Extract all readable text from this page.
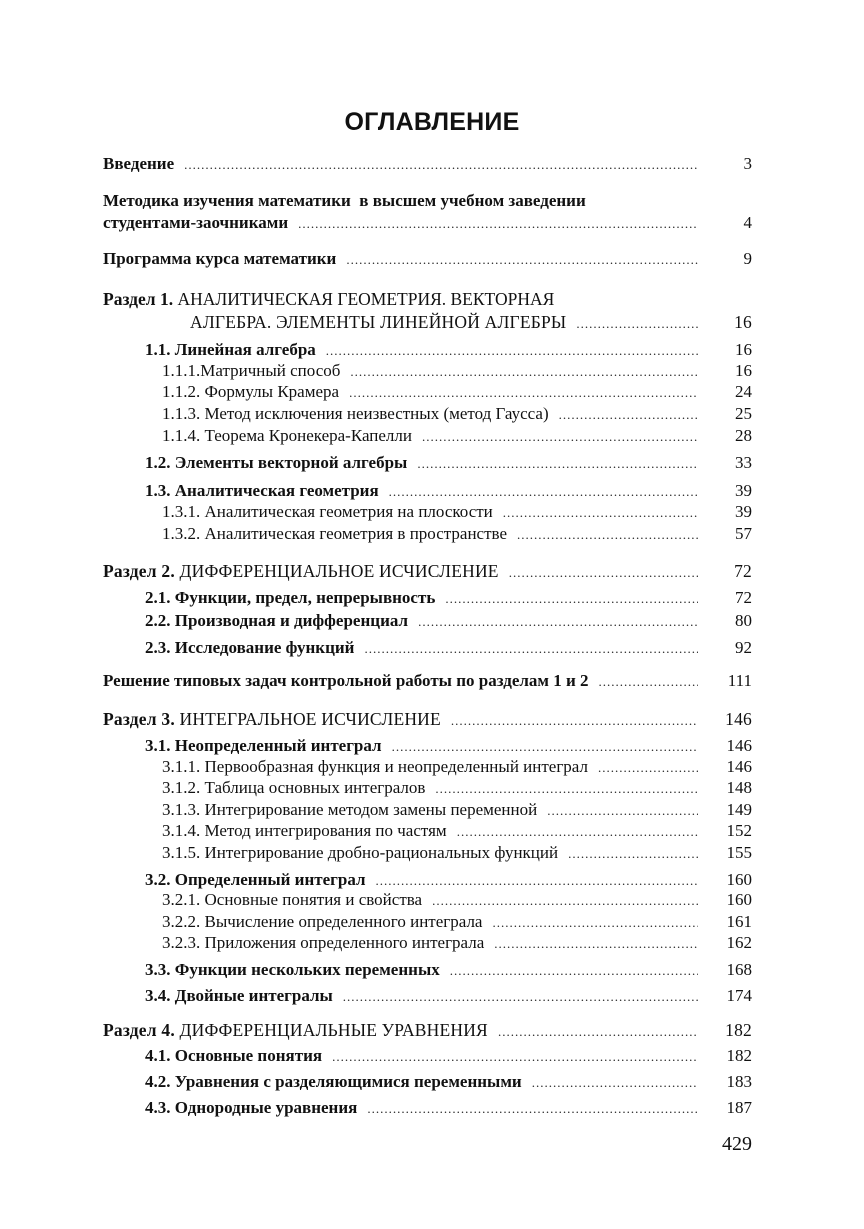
ОГЛАВЛЕНИЕ
Введение .....	3
Методика изучения математики  в высшем учебном заведении
студентами-заочниками .....	4
Программа курса математики .....	9
Раздел 1. АНАЛИТИЧЕСКАЯ ГЕОМЕТРИЯ. ВЕКТОРНАЯ
АЛГЕБРА. ЭЛЕМЕНТЫ ЛИНЕЙНОЙ АЛГЕБРЫ .....	16
1.1. Линейная алгебра .....	16
1.1.1.Матричный способ .....	16
1.1.2. Формулы Крамера .....	24
1.1.3. Метод исключения неизвестных (метод Гаусса) .....	25
1.1.4. Теорема Кронекера-Капелли .....	28
1.2. Элементы векторной алгебры .....	33
1.3. Аналитическая геометрия .....	39
1.3.1. Аналитическая геометрия на плоскости .....	39
1.3.2. Аналитическая геометрия в пространстве .....	57
Раздел 2. ДИФФЕРЕНЦИАЛЬНОЕ ИСЧИСЛЕНИЕ .....	72
2.1. Функции, предел, непрерывность .....	72
2.2. Производная и дифференциал .....	80
2.3. Исследование функций .....	92
Решение типовых задач контрольной работы по разделам 1 и 2 .....	111
Раздел 3. ИНТЕГРАЛЬНОЕ ИСЧИСЛЕНИЕ .....	146
3.1. Неопределенный интеграл .....	146
3.1.1. Первообразная функция и неопределенный интеграл .....	146
3.1.2. Таблица основных интегралов .....	148
3.1.3. Интегрирование методом замены переменной .....	149
3.1.4. Метод интегрирования по частям .....	152
3.1.5. Интегрирование дробно-рациональных функций .....	155
3.2. Определенный интеграл .....	160
3.2.1. Основные понятия и свойства .....	160
3.2.2. Вычисление определенного интеграла .....	161
3.2.3. Приложения определенного интеграла .....	162
3.3. Функции нескольких переменных .....	168
3.4. Двойные интегралы .....	174
Раздел 4. ДИФФЕРЕНЦИАЛЬНЫЕ УРАВНЕНИЯ .....	182
4.1. Основные понятия .....	182
4.2. Уравнения с разделяющимися переменными .....	183
4.3. Однородные уравнения .....	187
429
